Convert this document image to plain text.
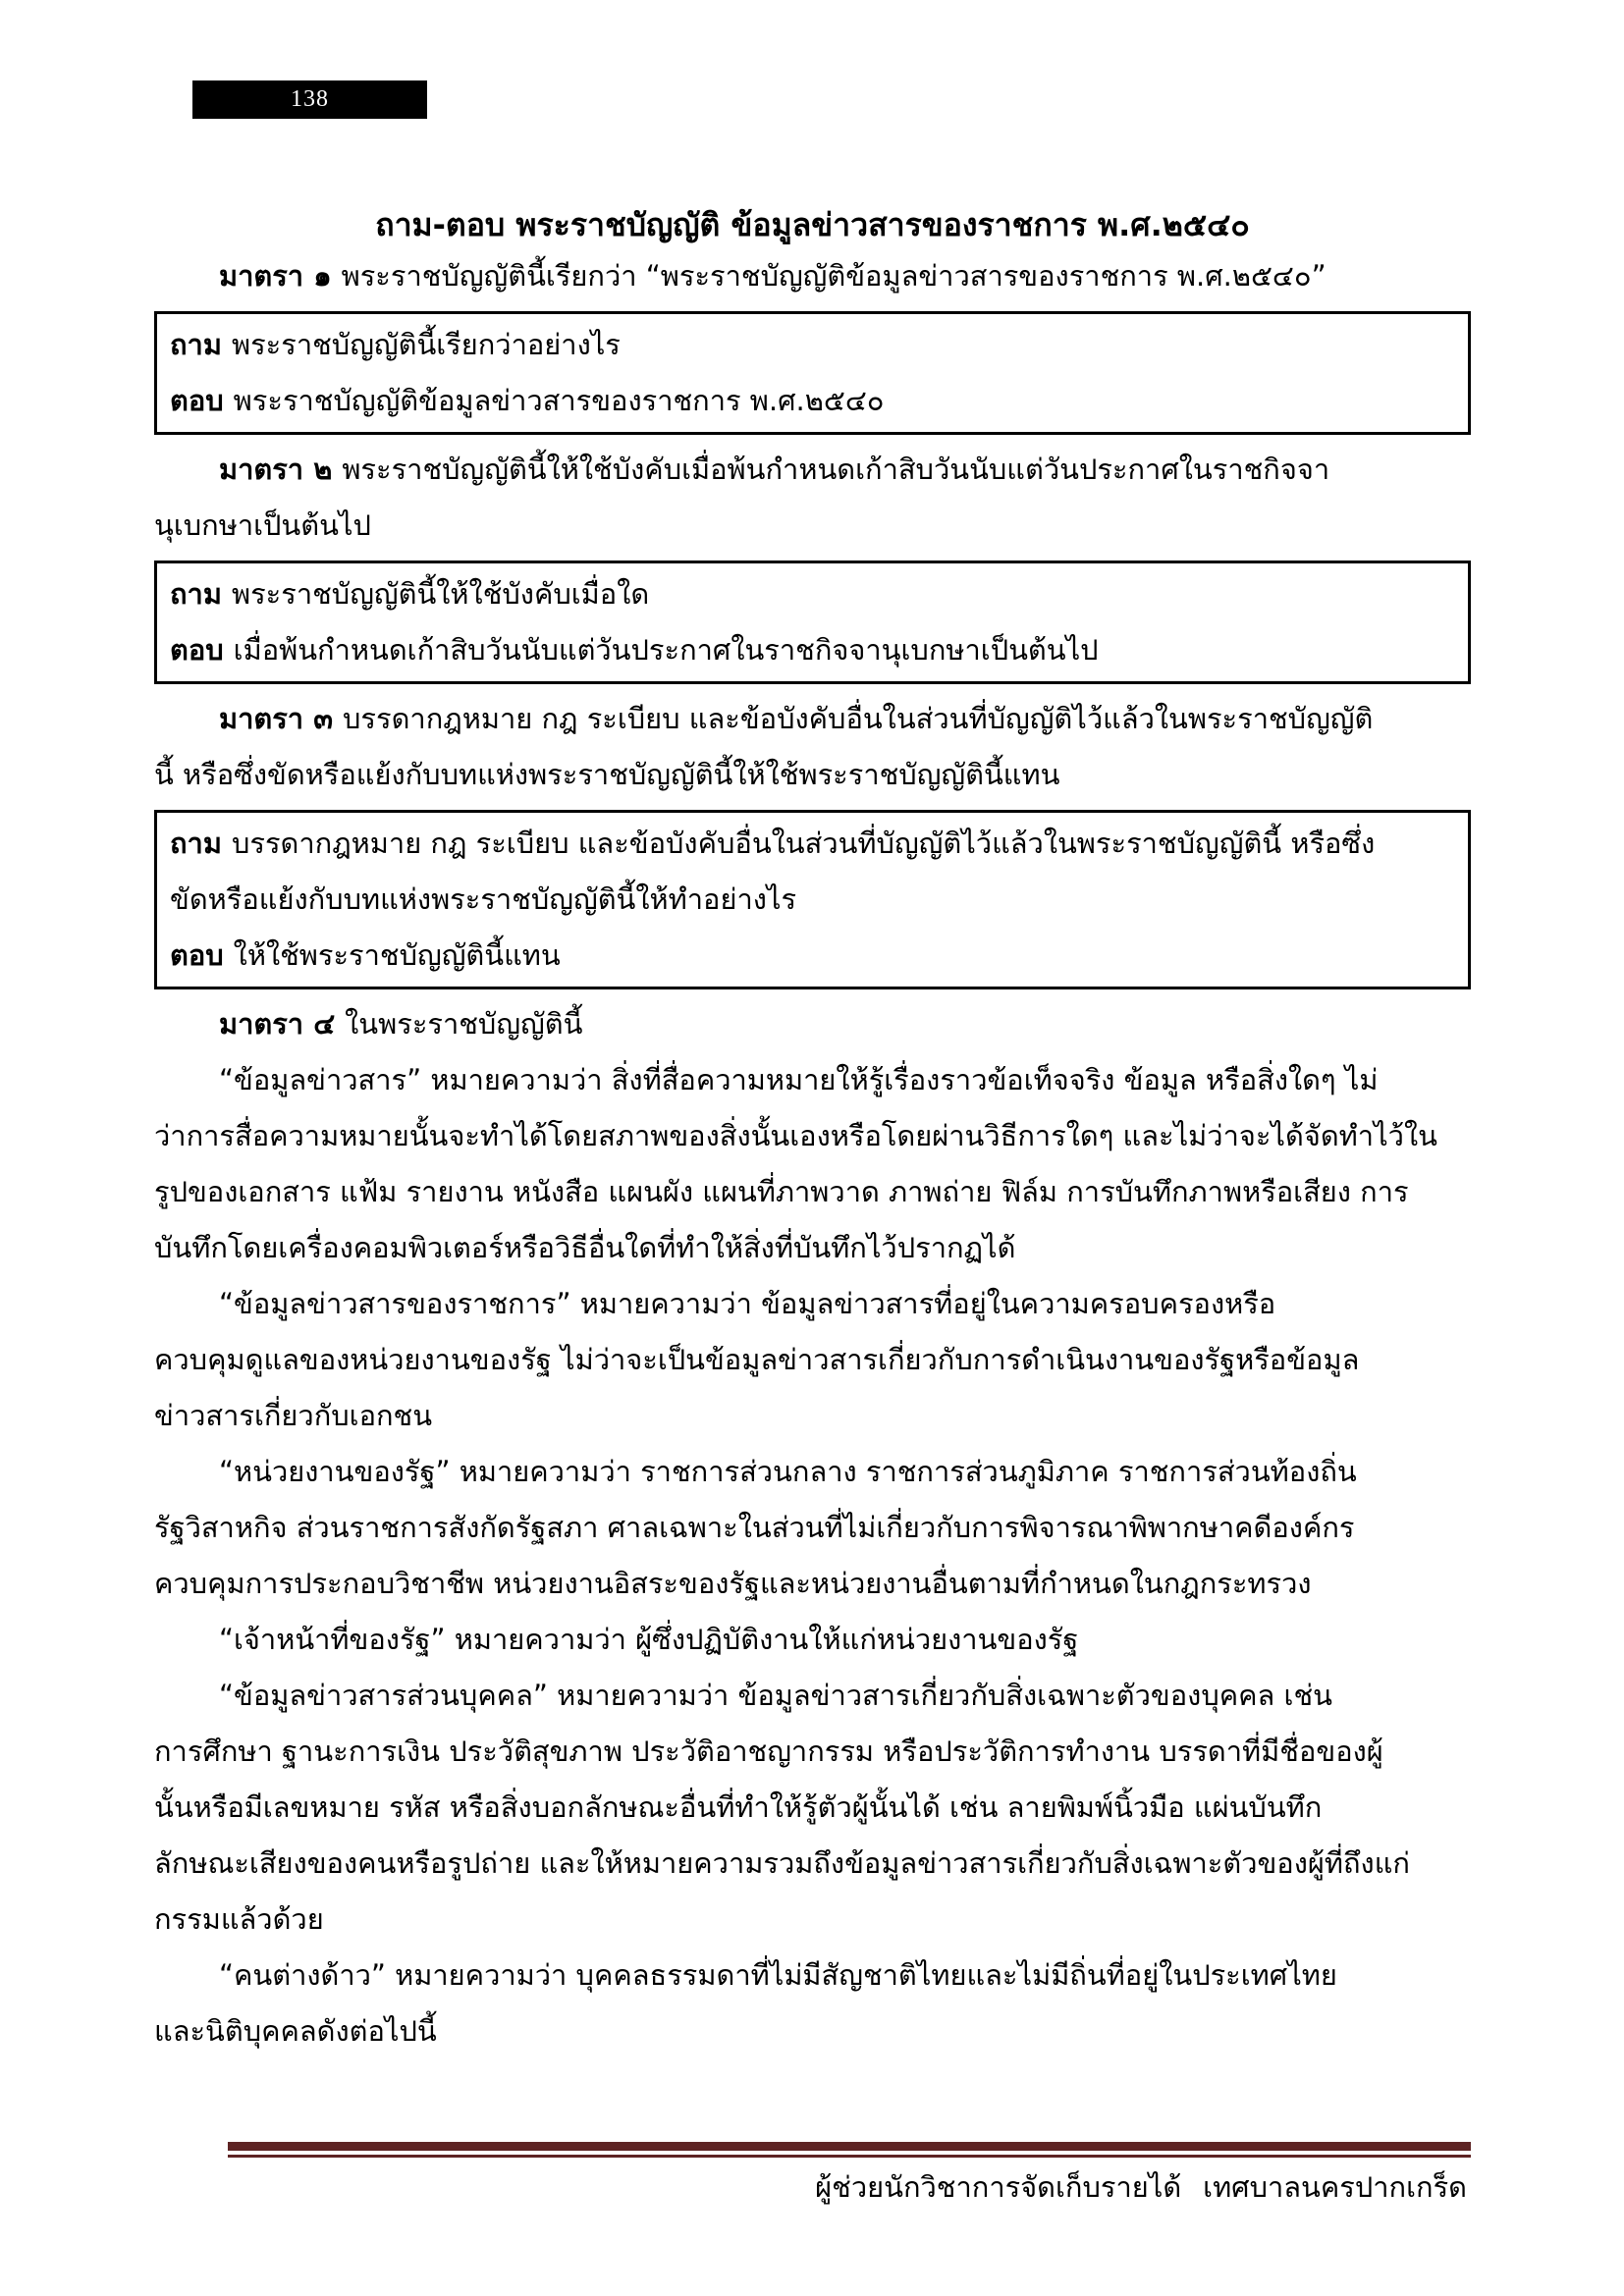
138
ถาม-ตอบ พระราชบัญญัติ ข้อมูลข่าวสารของราชการ พ.ศ.๒๕๔๐
มาตรา ๑ พระราชบัญญัตินี้เรียกว่า “พระราชบัญญัติข้อมูลข่าวสารของราชการ พ.ศ.๒๕๔๐”
ถาม พระราชบัญญัตินี้เรียกว่าอย่างไร
ตอบ พระราชบัญญัติข้อมูลข่าวสารของราชการ พ.ศ.๒๕๔๐
มาตรา ๒ พระราชบัญญัตินี้ให้ใช้บังคับเมื่อพ้นกำหนดเก้าสิบวันนับแต่วันประกาศในราชกิจจา
นุเบกษาเป็นต้นไป
ถาม พระราชบัญญัตินี้ให้ใช้บังคับเมื่อใด
ตอบ เมื่อพ้นกำหนดเก้าสิบวันนับแต่วันประกาศในราชกิจจานุเบกษาเป็นต้นไป
มาตรา ๓ บรรดากฎหมาย กฎ ระเบียบ และข้อบังคับอื่นในส่วนที่บัญญัติไว้แล้วในพระราชบัญญัติ
นี้ หรือซึ่งขัดหรือแย้งกับบทแห่งพระราชบัญญัตินี้ให้ใช้พระราชบัญญัตินี้แทน
ถาม บรรดากฎหมาย กฎ ระเบียบ และข้อบังคับอื่นในส่วนที่บัญญัติไว้แล้วในพระราชบัญญัตินี้ หรือซึ่ง
ขัดหรือแย้งกับบทแห่งพระราชบัญญัตินี้ให้ทำอย่างไร
ตอบ ให้ใช้พระราชบัญญัตินี้แทน
มาตรา ๔ ในพระราชบัญญัตินี้
“ข้อมูลข่าวสาร” หมายความว่า สิ่งที่สื่อความหมายให้รู้เรื่องราวข้อเท็จจริง ข้อมูล หรือสิ่งใดๆ ไม่
ว่าการสื่อความหมายนั้นจะทำได้โดยสภาพของสิ่งนั้นเองหรือโดยผ่านวิธีการใดๆ และไม่ว่าจะได้จัดทำไว้ใน
รูปของเอกสาร แฟ้ม รายงาน หนังสือ แผนผัง แผนที่ภาพวาด ภาพถ่าย ฟิล์ม การบันทึกภาพหรือเสียง การ
บันทึกโดยเครื่องคอมพิวเตอร์หรือวิธีอื่นใดที่ทำให้สิ่งที่บันทึกไว้ปรากฏได้
“ข้อมูลข่าวสารของราชการ” หมายความว่า ข้อมูลข่าวสารที่อยู่ในความครอบครองหรือ
ควบคุมดูแลของหน่วยงานของรัฐ ไม่ว่าจะเป็นข้อมูลข่าวสารเกี่ยวกับการดำเนินงานของรัฐหรือข้อมูล
ข่าวสารเกี่ยวกับเอกชน
“หน่วยงานของรัฐ” หมายความว่า ราชการส่วนกลาง ราชการส่วนภูมิภาค ราชการส่วนท้องถิ่น
รัฐวิสาหกิจ ส่วนราชการสังกัดรัฐสภา ศาลเฉพาะในส่วนที่ไม่เกี่ยวกับการพิจารณาพิพากษาคดีองค์กร
ควบคุมการประกอบวิชาชีพ หน่วยงานอิสระของรัฐและหน่วยงานอื่นตามที่กำหนดในกฎกระทรวง
“เจ้าหน้าที่ของรัฐ” หมายความว่า ผู้ซึ่งปฏิบัติงานให้แก่หน่วยงานของรัฐ
“ข้อมูลข่าวสารส่วนบุคคล” หมายความว่า ข้อมูลข่าวสารเกี่ยวกับสิ่งเฉพาะตัวของบุคคล เช่น
การศึกษา ฐานะการเงิน ประวัติสุขภาพ ประวัติอาชญากรรม หรือประวัติการทำงาน บรรดาที่มีชื่อของผู้
นั้นหรือมีเลขหมาย รหัส หรือสิ่งบอกลักษณะอื่นที่ทำให้รู้ตัวผู้นั้นได้ เช่น ลายพิมพ์นิ้วมือ แผ่นบันทึก
ลักษณะเสียงของคนหรือรูปถ่าย และให้หมายความรวมถึงข้อมูลข่าวสารเกี่ยวกับสิ่งเฉพาะตัวของผู้ที่ถึงแก่
กรรมแล้วด้วย
“คนต่างด้าว” หมายความว่า บุคคลธรรมดาที่ไม่มีสัญชาติไทยและไม่มีถิ่นที่อยู่ในประเทศไทย
และนิติบุคคลดังต่อไปนี้
ผู้ช่วยนักวิชาการจัดเก็บรายได้ เทศบาลนครปากเกร็ด
